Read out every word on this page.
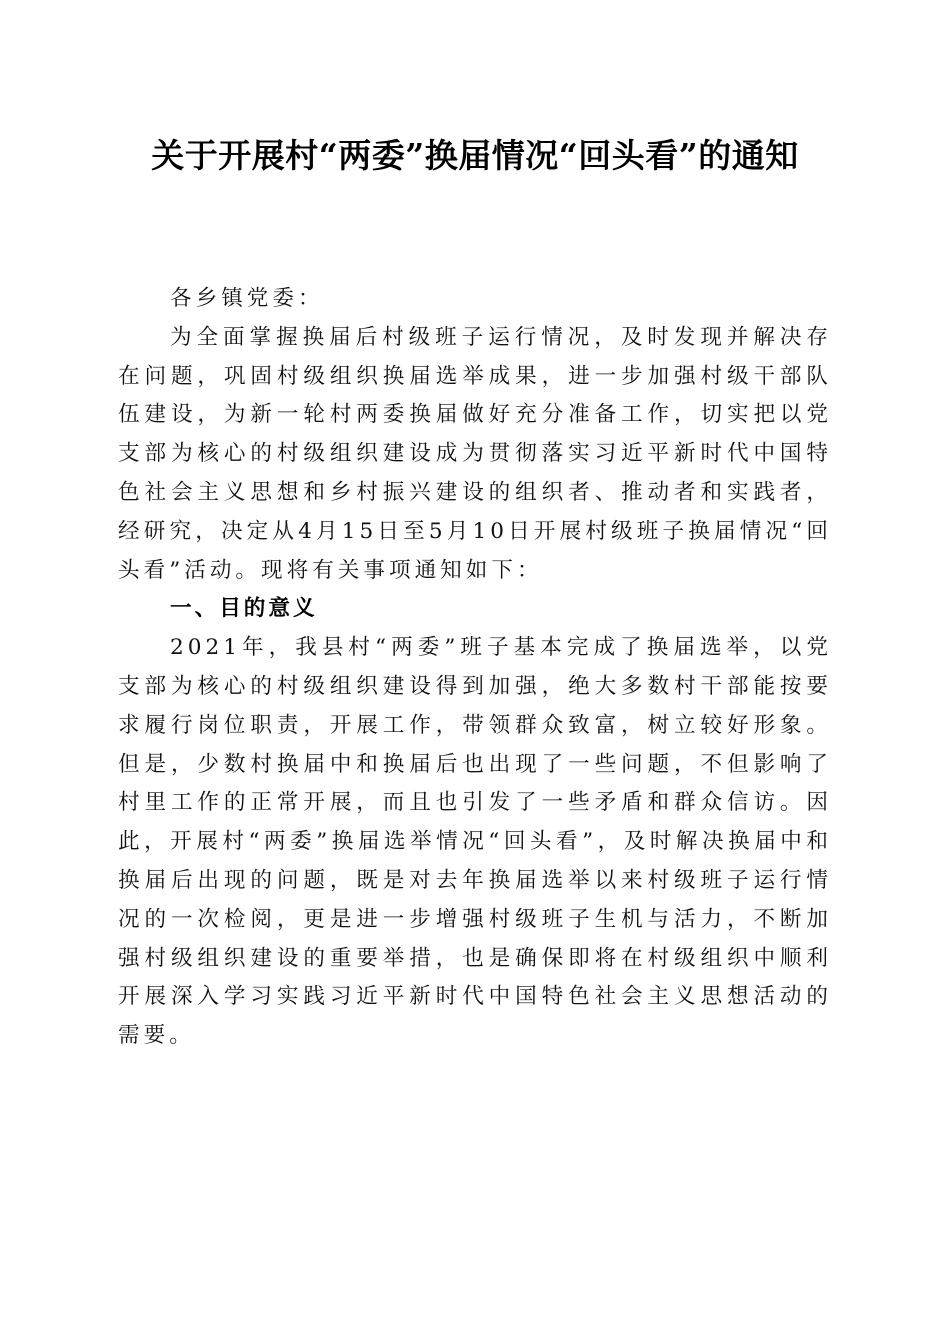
关于开展村“两委”换届情况“回头看”的通知

各乡镇党委：

为全面掌握换届后村级班子运行情况，及时发现并解决存在问题，巩固村级组织换届选举成果，进一步加强村级干部队伍建设，为新一轮村两委换届做好充分准备工作，切实把以党支部为核心的村级组织建设成为贯彻落实习近平新时代中国特色社会主义思想和乡村振兴建设的组织者、推动者和实践者，经研究，决定从4月15日至5月10日开展村级班子换届情况“回头看”活动。现将有关事项通知如下：

一、目的意义

2021年，我县村“两委”班子基本完成了换届选举，以党支部为核心的村级组织建设得到加强，绝大多数村干部能按要求履行岗位职责，开展工作，带领群众致富，树立较好形象。但是，少数村换届中和换届后也出现了一些问题，不但影响了村里工作的正常开展，而且也引发了一些矛盾和群众信访。因此，开展村“两委”换届选举情况“回头看”，及时解决换届中和换届后出现的问题，既是对去年换届选举以来村级班子运行情况的一次检阅，更是进一步增强村级班子生机与活力，不断加强村级组织建设的重要举措，也是确保即将在村级组织中顺利开展深入学习实践习近平新时代中国特色社会主义思想活动的需要。
